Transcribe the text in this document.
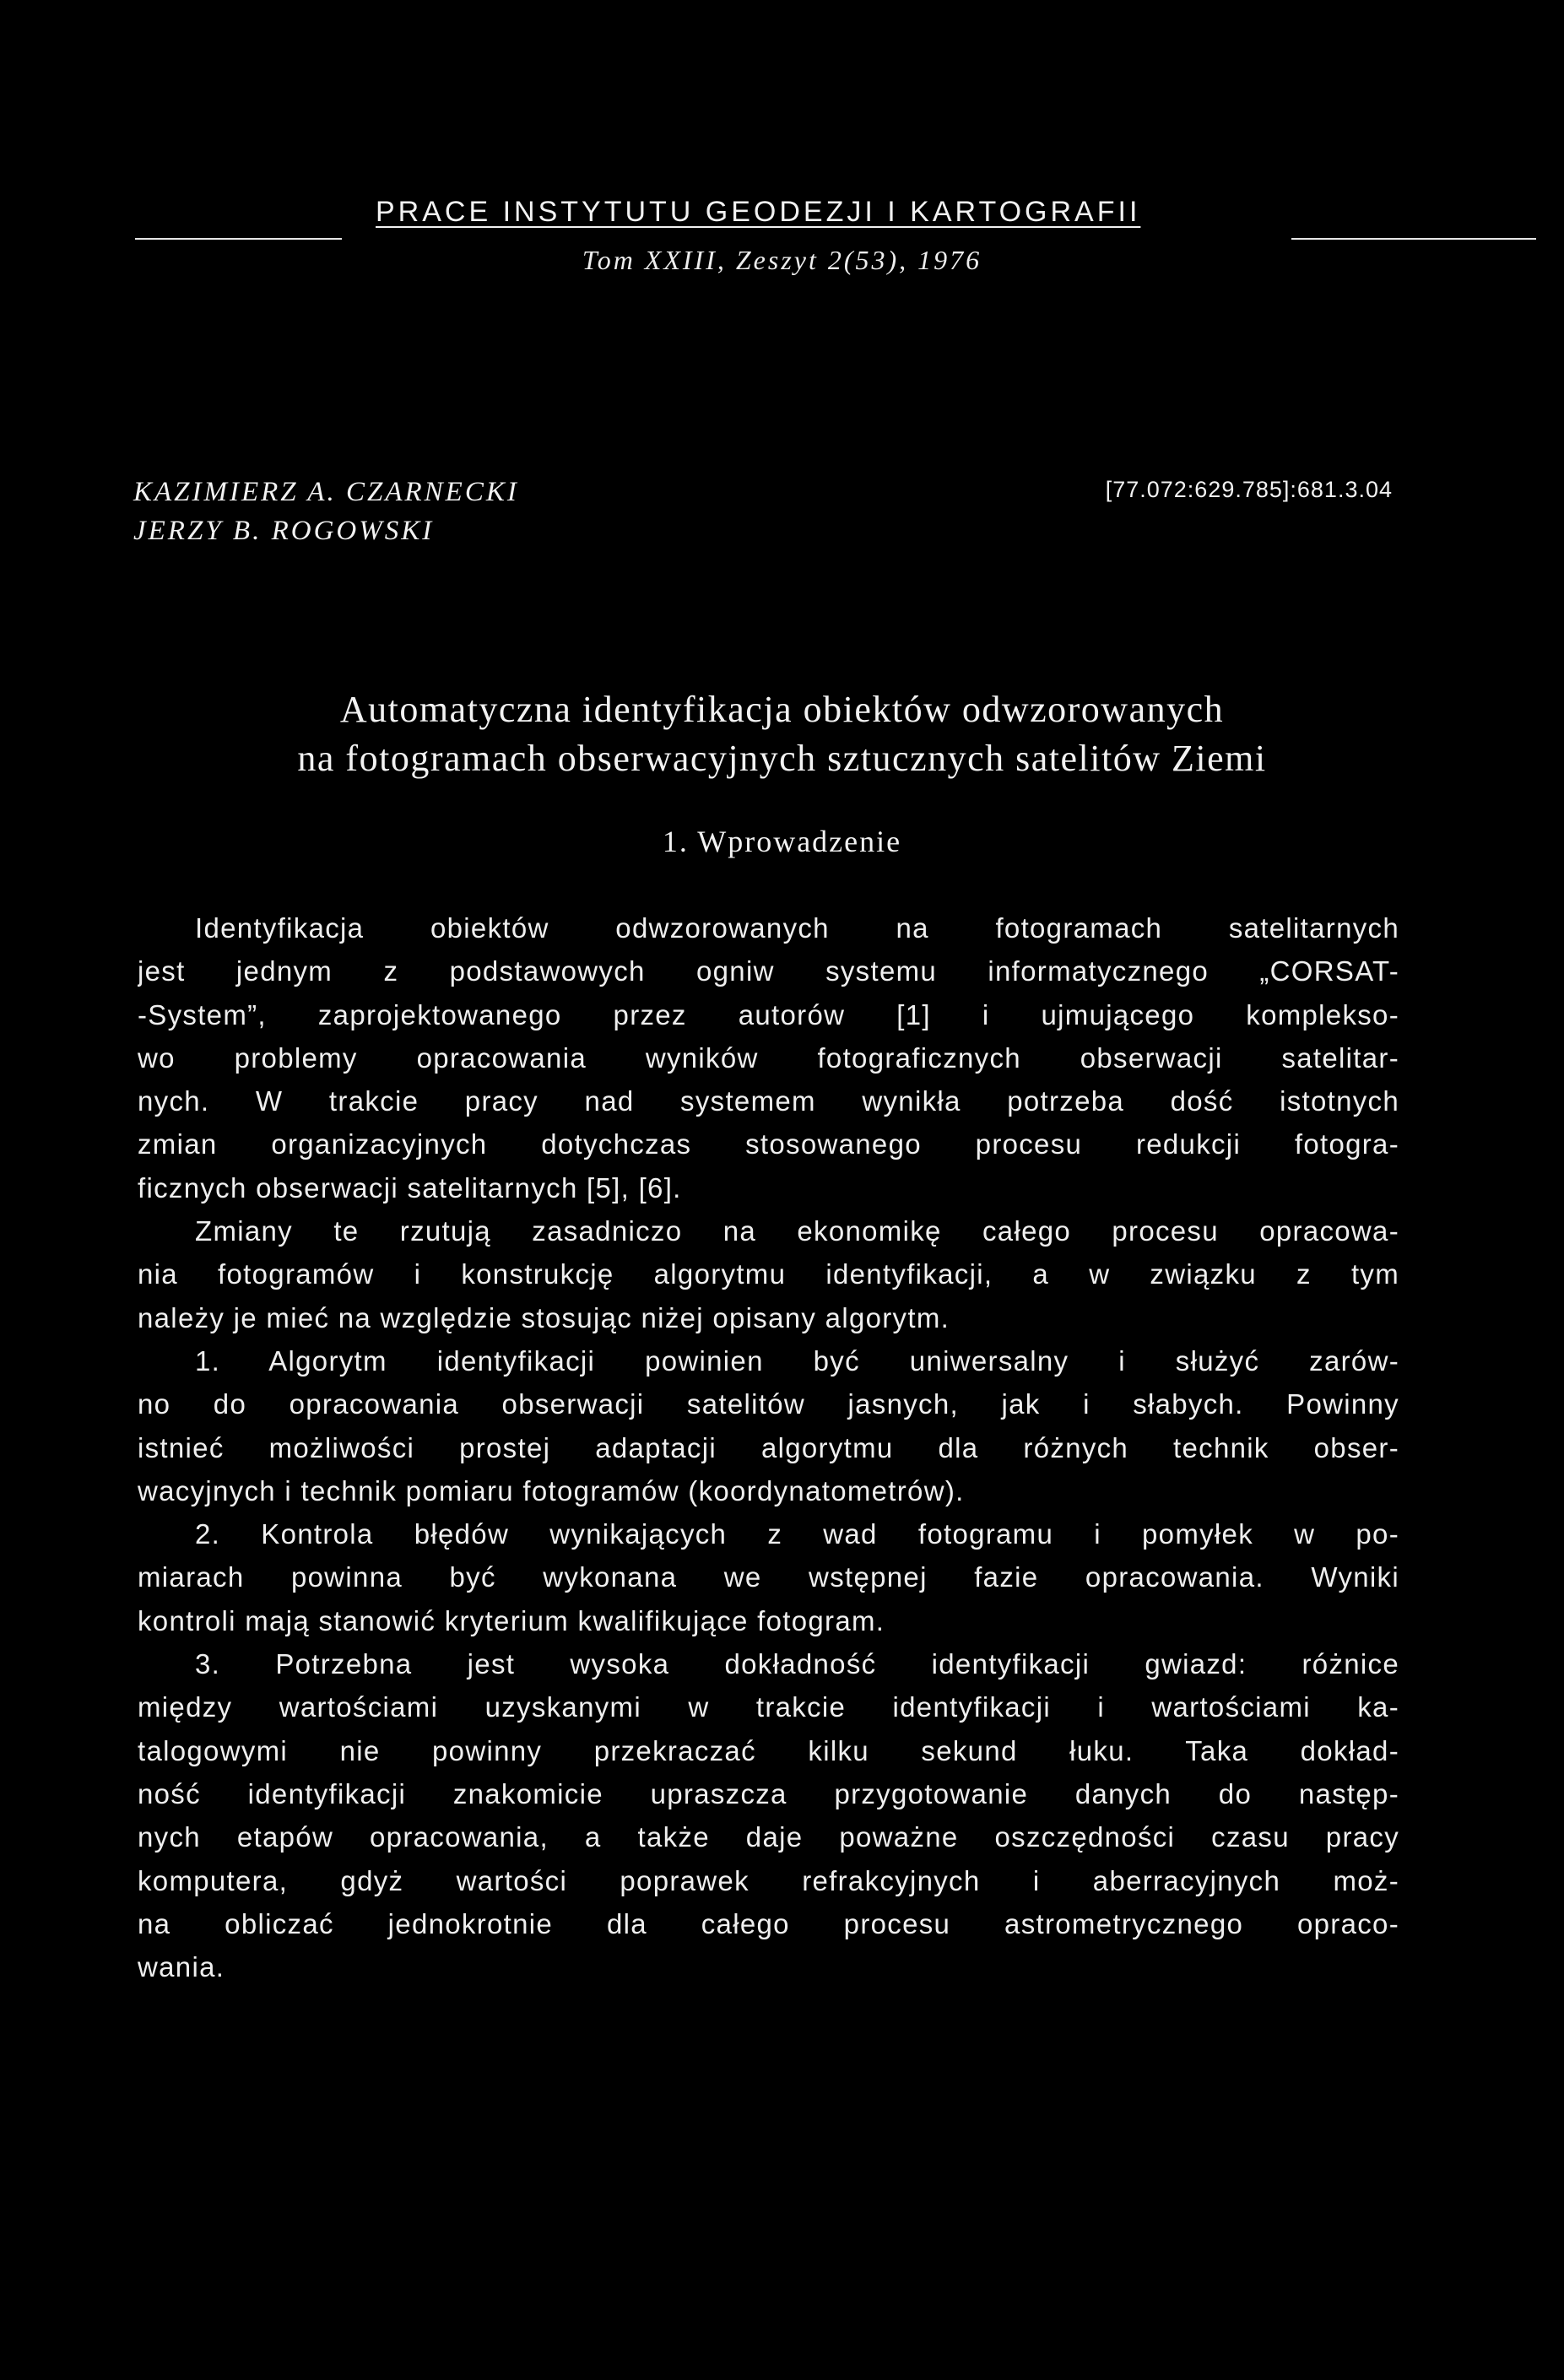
PRACE INSTYTUTU GEODEZJI I KARTOGRAFII
Tom XXIII, Zeszyt 2(53), 1976
KAZIMIERZ A. CZARNECKI
JERZY B. ROGOWSKI
[77.072:629.785]:681.3.04
Automatyczna identyfikacja obiektów odwzorowanych
na fotogramach obserwacyjnych sztucznych satelitów Ziemi
1. Wprowadzenie
Identyfikacja obiektów odwzorowanych na fotogramach satelitarnych
jest jednym z podstawowych ogniw systemu informatycznego „CORSAT-
-System”, zaprojektowanego przez autorów [1] i ujmującego komplekso-
wo problemy opracowania wyników fotograficznych obserwacji satelitar-
nych. W trakcie pracy nad systemem wynikła potrzeba dość istotnych
zmian organizacyjnych dotychczas stosowanego procesu redukcji fotogra-
ficznych obserwacji satelitarnych [5], [6].
Zmiany te rzutują zasadniczo na ekonomikę całego procesu opracowa-
nia fotogramów i konstrukcję algorytmu identyfikacji, a w związku z tym
należy je mieć na względzie stosując niżej opisany algorytm.
1. Algorytm identyfikacji powinien być uniwersalny i służyć zarów-
no do opracowania obserwacji satelitów jasnych, jak i słabych. Powinny
istnieć możliwości prostej adaptacji algorytmu dla różnych technik obser-
wacyjnych i technik pomiaru fotogramów (koordynatometrów).
2. Kontrola błędów wynikających z wad fotogramu i pomyłek w po-
miarach powinna być wykonana we wstępnej fazie opracowania. Wyniki
kontroli mają stanowić kryterium kwalifikujące fotogram.
3. Potrzebna jest wysoka dokładność identyfikacji gwiazd: różnice
między wartościami uzyskanymi w trakcie identyfikacji i wartościami ka-
talogowymi nie powinny przekraczać kilku sekund łuku. Taka dokład-
ność identyfikacji znakomicie upraszcza przygotowanie danych do następ-
nych etapów opracowania, a także daje poważne oszczędności czasu pracy
komputera, gdyż wartości poprawek refrakcyjnych i aberracyjnych moż-
na obliczać jednokrotnie dla całego procesu astrometrycznego opraco-
wania.
